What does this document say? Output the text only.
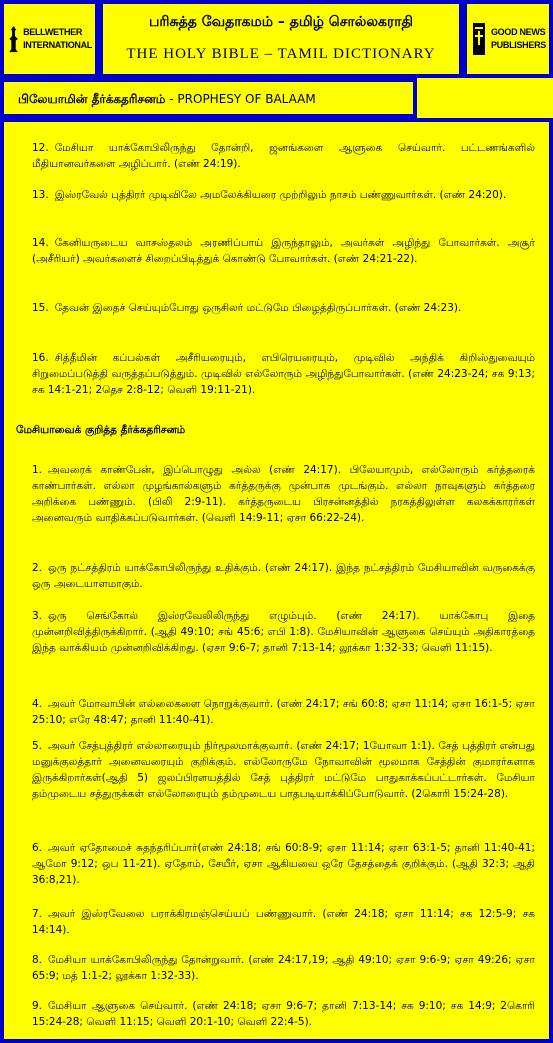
BELLWETHER
INTERNATIONAL
பரிசுத்த வேதாகமம் – தமிழ் சொல்லகராதி
THE HOLY BIBLE – TAMIL DICTIONARY
GOOD NEWS
PUBLISHERS
பிலேயாமின் தீர்க்கதரிசனம் - PROPHESY OF BALAAM
12. மேசியா யாக்கோபிலிருந்து தோன்றி, ஜனங்களை ஆளுகை செய்வார். பட்டணங்களில் மீதியானவர்களை அழிப்பார். (எண் 24:19).
13. இஸ்ரவேல் புத்திரர் முடிவிலே அமலேக்கியரை முற்றிலும் நாசம் பண்ணுவார்கள். (எண் 24:20).
14. கேனியருடைய வாசஸ்தலம் அரணிப்பாய் இருந்தாலும், அவர்கள் அழிந்து போவார்கள். அசூர் (அசீரியர்) அவர்களைச் சிறைப்பிடித்துக் கொண்டு போவார்கள். (எண் 24:21-22).
15. தேவன் இதைச் செய்யும்போது ஒருசிலர் மட்டுமே பிழைத்திருப்பார்கள். (எண் 24:23).
16. சித்தீமின் கப்பல்கள் அசீரியரையும், எபிரெயரையும், முடிவில் அந்திக் கிறிஸ்துவையும் சிறுமைப்படுத்தி வருத்தப்படுத்தும். முடிவில் எல்லோரும் அழிந்துபோவார்கள். (எண் 24:23-24; சக 9:13; சக 14:1-21; 2தெச 2:8-12; வெளி 19:11-21).
மேசியாவைக் குறித்த தீர்க்கதரிசனம்
1. அவரைக் காண்பேன், இப்பொழுது அல்ல (எண் 24:17). பிலேயாமும், எல்லோரும் கர்த்தரைக் காண்பார்கள். எல்லா முழங்கால்களும் கர்த்தருக்கு முன்பாக முடங்கும். எல்லா நாவுகளும் கர்த்தரை அறிக்கை பண்ணும். (பிலி 2:9-11). கர்த்தருடைய பிரசன்னத்தில் நரகத்திலுள்ள கலகக்காரர்கள் அனைவரும் வாதிக்கப்படுவார்கள். (வெளி 14:9-11; ஏசா 66:22-24).
2. ஒரு நட்சத்திரம் யாக்கோபிலிருந்து உதிக்கும். (எண் 24:17). இந்த நட்சத்திரம் மேசியாவின் வருகைக்கு ஒரு அடையாளமாகும்.
3. ஒரு செங்கோல் இஸ்ரவேலிலிருந்து எழும்பும். (எண் 24:17). யாக்கோபு இதை முன்னறிவித்திருக்கிறார். (ஆதி 49:10; சங் 45:6; எபி 1:8). மேசியாவின் ஆளுகை செய்யும் அதிகாரத்தை இந்த வாக்கியம் முன்னறிவிக்கிறது. (ஏசா 9:6-7; தானி 7:13-14; லூக்கா 1:32-33; வெளி 11:15).
4. அவர் மோவாபின் எல்லைகளை நொறுக்குவார். (எண் 24:17; சங் 60:8; ஏசா 11:14; ஏசா 16:1-5; ஏசா 25:10; எரே 48:47; தானி 11:40-41).
5. அவர் சேத்புத்திரர் எல்லாரையும் நிர்மூலமாக்குவார். (எண் 24:17; 1யோவா 1:1). சேத் புத்திரர் என்பது மனுக்குலத்தார் அனைவரையும் குறிக்கும். எல்லோருமே நோவாவின் மூலமாக சேத்தின் குமாரர்களாக இருக்கிறார்கள்(ஆதி 5) ஜலப்பிரளயத்தில் சேத் புத்திரர் மட்டுமே பாதுகாக்கப்பட்டார்கள். மேசியா தம்முடைய சத்துருக்கள் எல்லோரையும் தம்முடைய பாதபடியாக்கிப்போடுவார். (2கொரி 15:24-28).
6. அவர் ஏதோமைச் சுதந்தரிப்பார்(எண் 24:18; சங் 60:8-9; ஏசா 11:14; ஏசா 63:1-5; தானி 11:40-41; ஆமோ 9:12; ஒப 11-21). ஏதோம், சேயீர், ஏசா ஆகியவை ஒரே தேசத்தைக் குறிக்கும். (ஆதி 32:3; ஆதி 36:8,21).
7. அவர் இஸ்ரவேலை பராக்கிரமஞ்செய்யப் பண்ணுவார். (எண் 24:18; ஏசா 11:14; சக 12:5-9; சக 14:14).
8. மேசியா யாக்கோபிலிருந்து தோன்றுவார். (எண் 24:17,19; ஆதி 49:10; ஏசா 9:6-9; ஏசா 49:26; ஏசா 65:9; மத் 1:1-2; லூக்கா 1:32-33).
9. மேசியா ஆளுகை செய்வார். (எண் 24:18; ஏசா 9:6-7; தானி 7:13-14; சக 9:10; சக 14:9; 2கொரி 15:24-28; வெளி 11:15; வெளி 20:1-10; வெளி 22:4-5).
